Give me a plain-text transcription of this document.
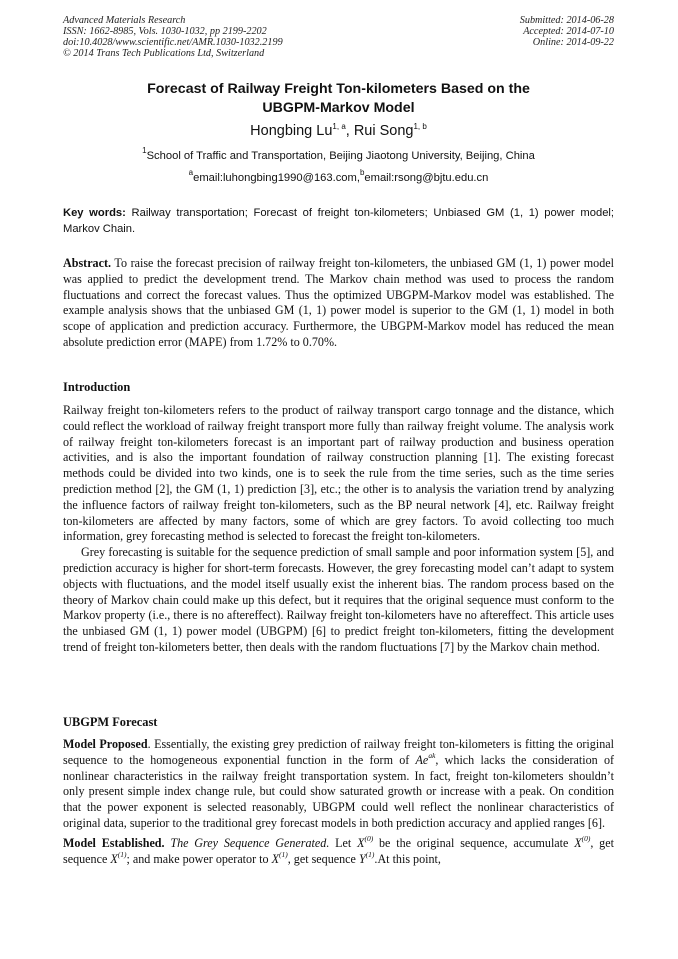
Advanced Materials Research
ISSN: 1662-8985, Vols. 1030-1032, pp 2199-2202
doi:10.4028/www.scientific.net/AMR.1030-1032.2199
© 2014 Trans Tech Publications Ltd, Switzerland
Submitted: 2014-06-28
Accepted: 2014-07-10
Online: 2014-09-22
Forecast of Railway Freight Ton-kilometers Based on the
UBGPM-Markov Model
Hongbing Lu$^{1, a}$, Rui Song$^{1, b}$
$^1$School of Traffic and Transportation, Beijing Jiaotong University, Beijing, China
$^a$email:luhongbing1990@163.com,$^b$email:rsong@bjtu.edu.cn
Key words: Railway transportation; Forecast of freight ton-kilometers; Unbiased GM (1, 1) power model; Markov Chain.

Abstract. To raise the forecast precision of railway freight ton-kilometers, the unbiased GM (1, 1) power model was applied to predict the development trend. The Markov chain method was used to process the random fluctuations and correct the forecast values. Thus the optimized UBGPM-Markov model was established. The example analysis shows that the unbiased GM (1, 1) power model is superior to the GM (1, 1) model in both scope of application and prediction accuracy. Furthermore, the UBGPM-Markov model has reduced the mean absolute prediction error (MAPE) from 1.72% to 0.70%.

Introduction

Railway freight ton-kilometers refers to the product of railway transport cargo tonnage and the distance, which could reflect the workload of railway freight transport more fully than railway freight volume. The analysis work of railway freight ton-kilometers forecast is an important part of railway production and business operation activities, and is also the important foundation of railway construction planning [1]. The existing forecast methods could be divided into two kinds, one is to seek the rule from the time series, such as the time series prediction method [2], the GM (1, 1) prediction [3], etc.; the other is to analysis the variation trend by analyzing the influence factors of railway freight ton-kilometers, such as the BP neural network [4], etc. Railway freight ton-kilometers are affected by many factors, some of which are grey factors. To avoid collecting too much information, grey forecasting method is selected to forecast the freight ton-kilometers.

Grey forecasting is suitable for the sequence prediction of small sample and poor information system [5], and prediction accuracy is higher for short-term forecasts. However, the grey forecasting model can’t adapt to system objects with fluctuations, and the model itself usually exist the inherent bias. The random process based on the theory of Markov chain could make up this defect, but it requires that the original sequence must conform to the Markov property (i.e., there is no aftereffect). Railway freight ton-kilometers have no aftereffect. This article uses the unbiased GM (1, 1) power model (UBGPM) [6] to predict freight ton-kilometers, fitting the development trend of freight ton-kilometers better, then deals with the random fluctuations [7] by the Markov chain method.

UBGPM Forecast

Model Proposed. Essentially, the existing grey prediction of railway freight ton-kilometers is fitting the original sequence to the homogeneous exponential function in the form of $Ae^{ak}$, which lacks the consideration of nonlinear characteristics in the railway freight transportation system. In fact, freight ton-kilometers shouldn’t only present simple index change rule, but could show saturated growth or increase with a peak. On condition that the power exponent is selected reasonably, UBGPM could well reflect the nonlinear characteristics of original data, superior to the traditional grey forecast models in both prediction accuracy and applied ranges [6].

Model Established. The Grey Sequence Generated. Let $X^{(0)}$ be the original sequence, accumulate $X^{(0)}$, get sequence $X^{(1)}$; and make power operator to $X^{(1)}$, get sequence $Y^{(1)}.At$ this point,
